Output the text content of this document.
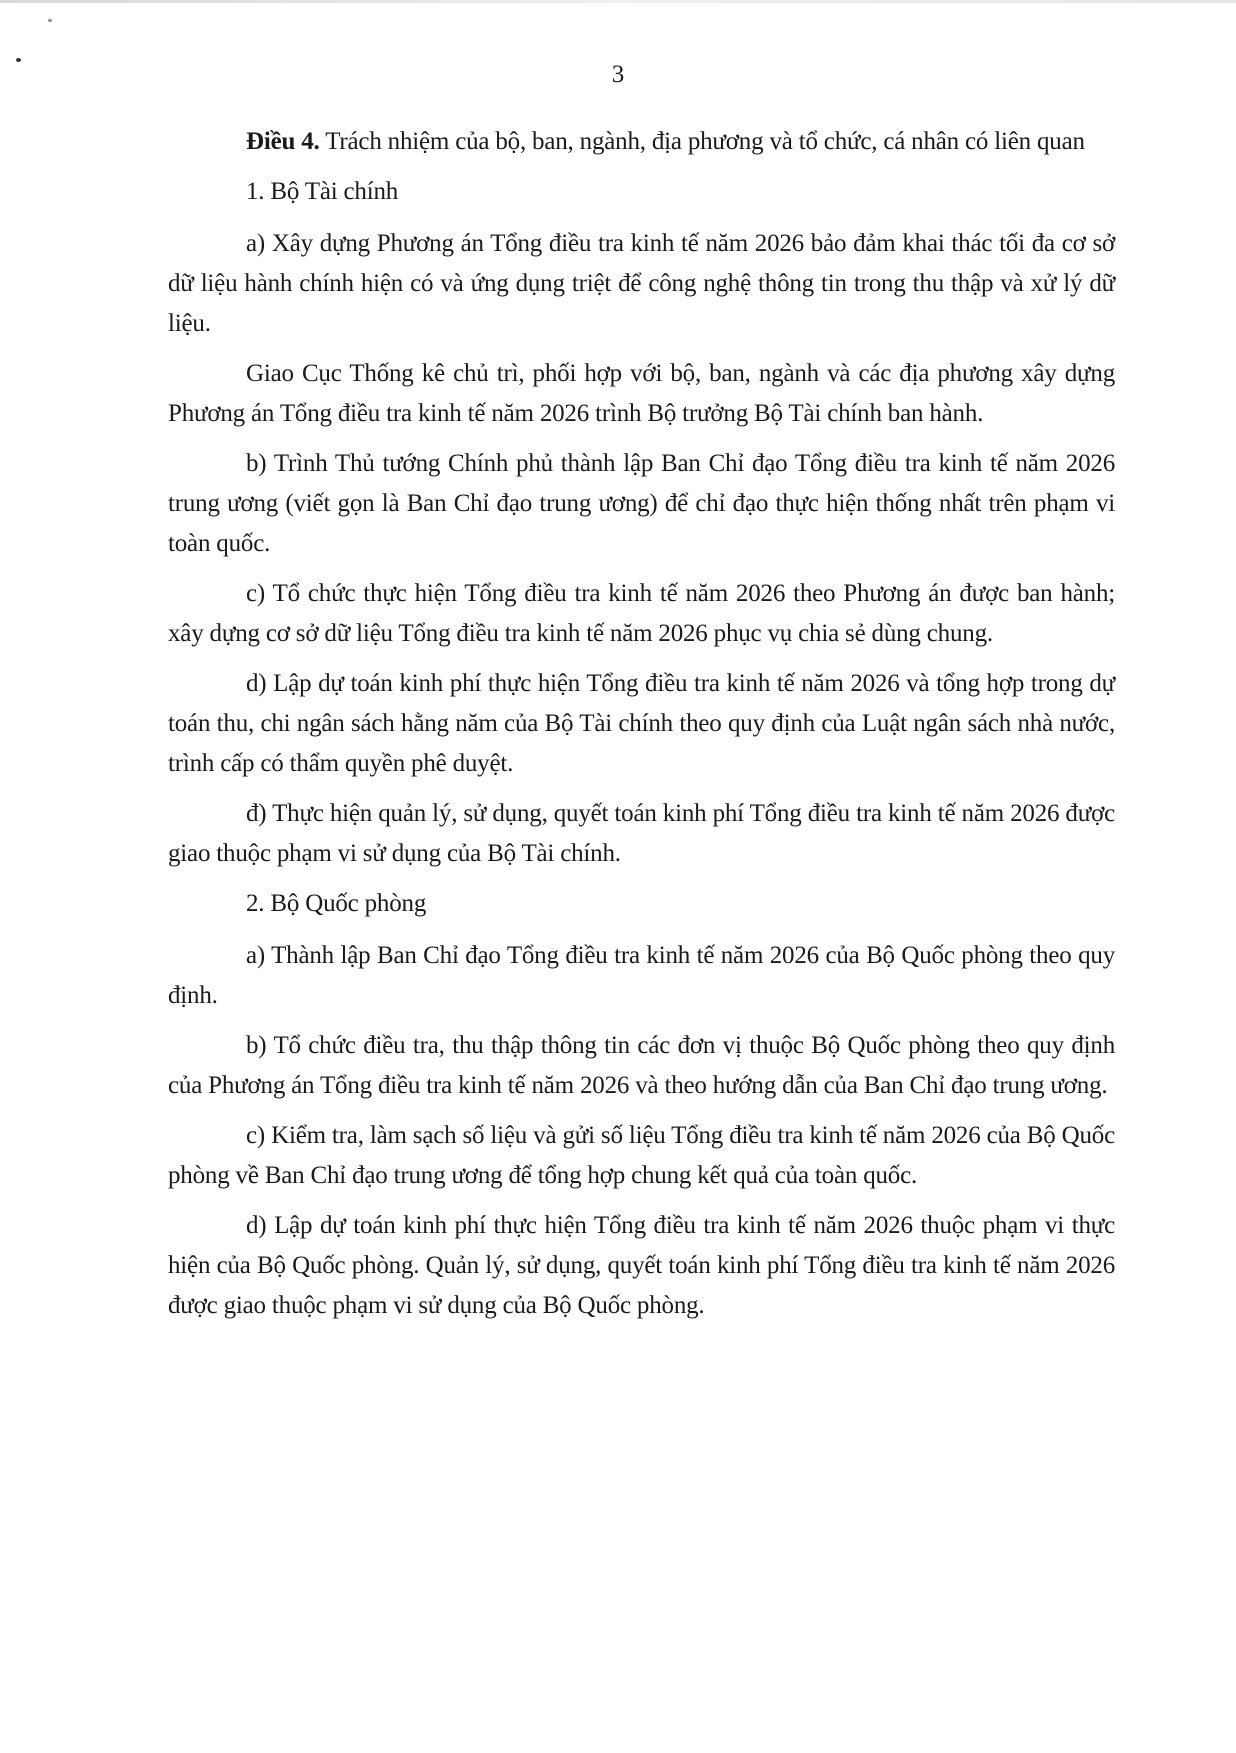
3

Điều 4. Trách nhiệm của bộ, ban, ngành, địa phương và tổ chức, cá nhân có liên quan

1. Bộ Tài chính

a) Xây dựng Phương án Tổng điều tra kinh tế năm 2026 bảo đảm khai thác tối đa cơ sở dữ liệu hành chính hiện có và ứng dụng triệt để công nghệ thông tin trong thu thập và xử lý dữ liệu.

Giao Cục Thống kê chủ trì, phối hợp với bộ, ban, ngành và các địa phương xây dựng Phương án Tổng điều tra kinh tế năm 2026 trình Bộ trưởng Bộ Tài chính ban hành.

b) Trình Thủ tướng Chính phủ thành lập Ban Chỉ đạo Tổng điều tra kinh tế năm 2026 trung ương (viết gọn là Ban Chỉ đạo trung ương) để chỉ đạo thực hiện thống nhất trên phạm vi toàn quốc.

c) Tổ chức thực hiện Tổng điều tra kinh tế năm 2026 theo Phương án được ban hành; xây dựng cơ sở dữ liệu Tổng điều tra kinh tế năm 2026 phục vụ chia sẻ dùng chung.

d) Lập dự toán kinh phí thực hiện Tổng điều tra kinh tế năm 2026 và tổng hợp trong dự toán thu, chi ngân sách hằng năm của Bộ Tài chính theo quy định của Luật ngân sách nhà nước, trình cấp có thẩm quyền phê duyệt.

đ) Thực hiện quản lý, sử dụng, quyết toán kinh phí Tổng điều tra kinh tế năm 2026 được giao thuộc phạm vi sử dụng của Bộ Tài chính.

2. Bộ Quốc phòng

a) Thành lập Ban Chỉ đạo Tổng điều tra kinh tế năm 2026 của Bộ Quốc phòng theo quy định.

b) Tổ chức điều tra, thu thập thông tin các đơn vị thuộc Bộ Quốc phòng theo quy định của Phương án Tổng điều tra kinh tế năm 2026 và theo hướng dẫn của Ban Chỉ đạo trung ương.

c) Kiểm tra, làm sạch số liệu và gửi số liệu Tổng điều tra kinh tế năm 2026 của Bộ Quốc phòng về Ban Chỉ đạo trung ương để tổng hợp chung kết quả của toàn quốc.

d) Lập dự toán kinh phí thực hiện Tổng điều tra kinh tế năm 2026 thuộc phạm vi thực hiện của Bộ Quốc phòng. Quản lý, sử dụng, quyết toán kinh phí Tổng điều tra kinh tế năm 2026 được giao thuộc phạm vi sử dụng của Bộ Quốc phòng.
